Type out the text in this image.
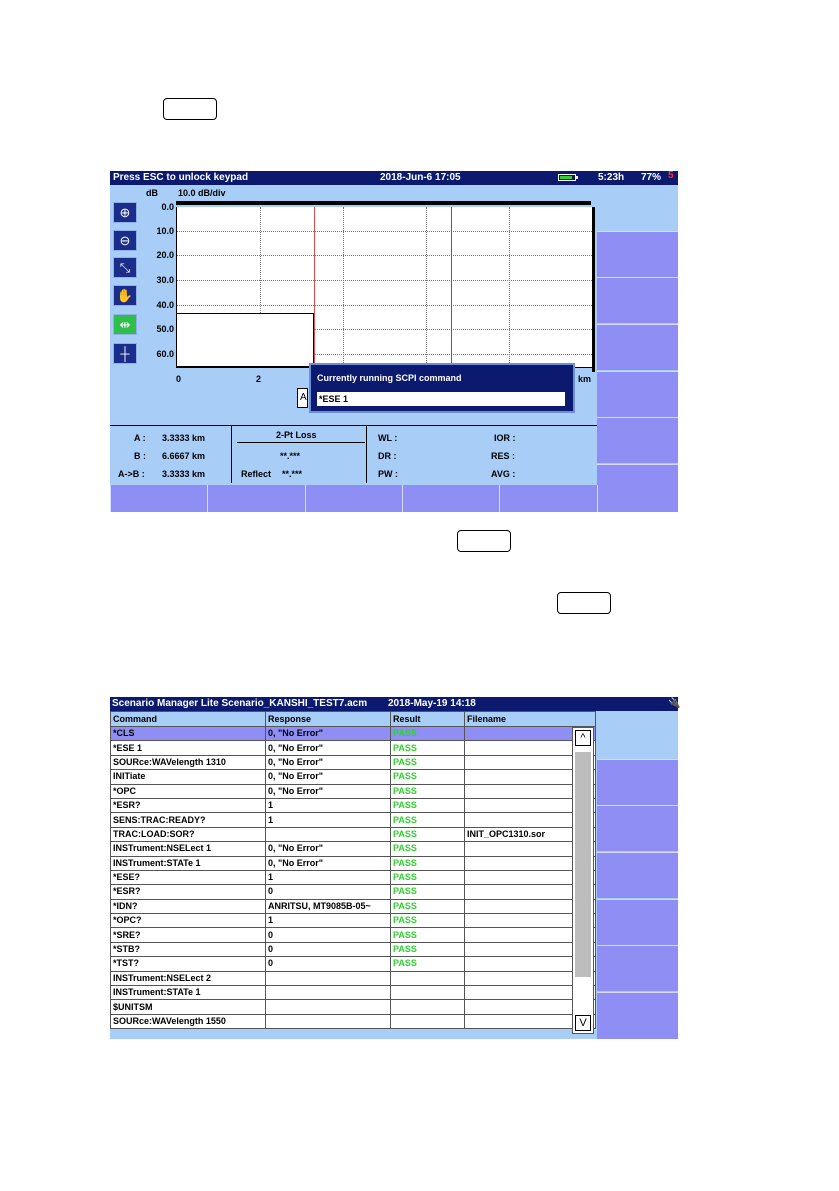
Press ESC to unlock keypad	2018-Jun-6 17:05	5:23h 77% 5
dB 10.0 dB/div
⊕
⊖
⤡
✋
⇹
┼
0.0
10.0
20.0
30.0
40.0
50.0
60.0
0	2	km
A
Currently running SCPI command
*ESE 1
A : 3.3333 km
B : 6.6667 km
A->B : 3.3333 km
2-Pt Loss
**.***
Reflect **.***
WL :
DR :
PW :
IOR :
RES :
AVG :
Scenario Manager Lite Scenario_KANSHI_TEST7.acm 2018-May-19 14:18	🔌
Command	Response	Result	Filename
*CLS	0, "No Error"	PASS	
*ESE 1	0, "No Error"	PASS	
SOURce:WAVelength 1310	0, "No Error"	PASS	
INITiate	0, "No Error"	PASS	
*OPC	0, "No Error"	PASS	
*ESR?	1	PASS	
SENS:TRAC:READY?	1	PASS	
TRAC:LOAD:SOR?		PASS	INIT_OPC1310.sor
INSTrument:NSELect 1	0, "No Error"	PASS	
INSTrument:STATe 1	0, "No Error"	PASS	
*ESE?	1	PASS	
*ESR?	0	PASS	
*IDN?	ANRITSU, MT9085B-05~	PASS	
*OPC?	1	PASS	
*SRE?	0	PASS	
*STB?	0	PASS	
*TST?	0	PASS	
INSTrument:NSELect 2			
INSTrument:STATe 1			
$UNITSM			
SOURce:WAVelength 1550			
^
V
